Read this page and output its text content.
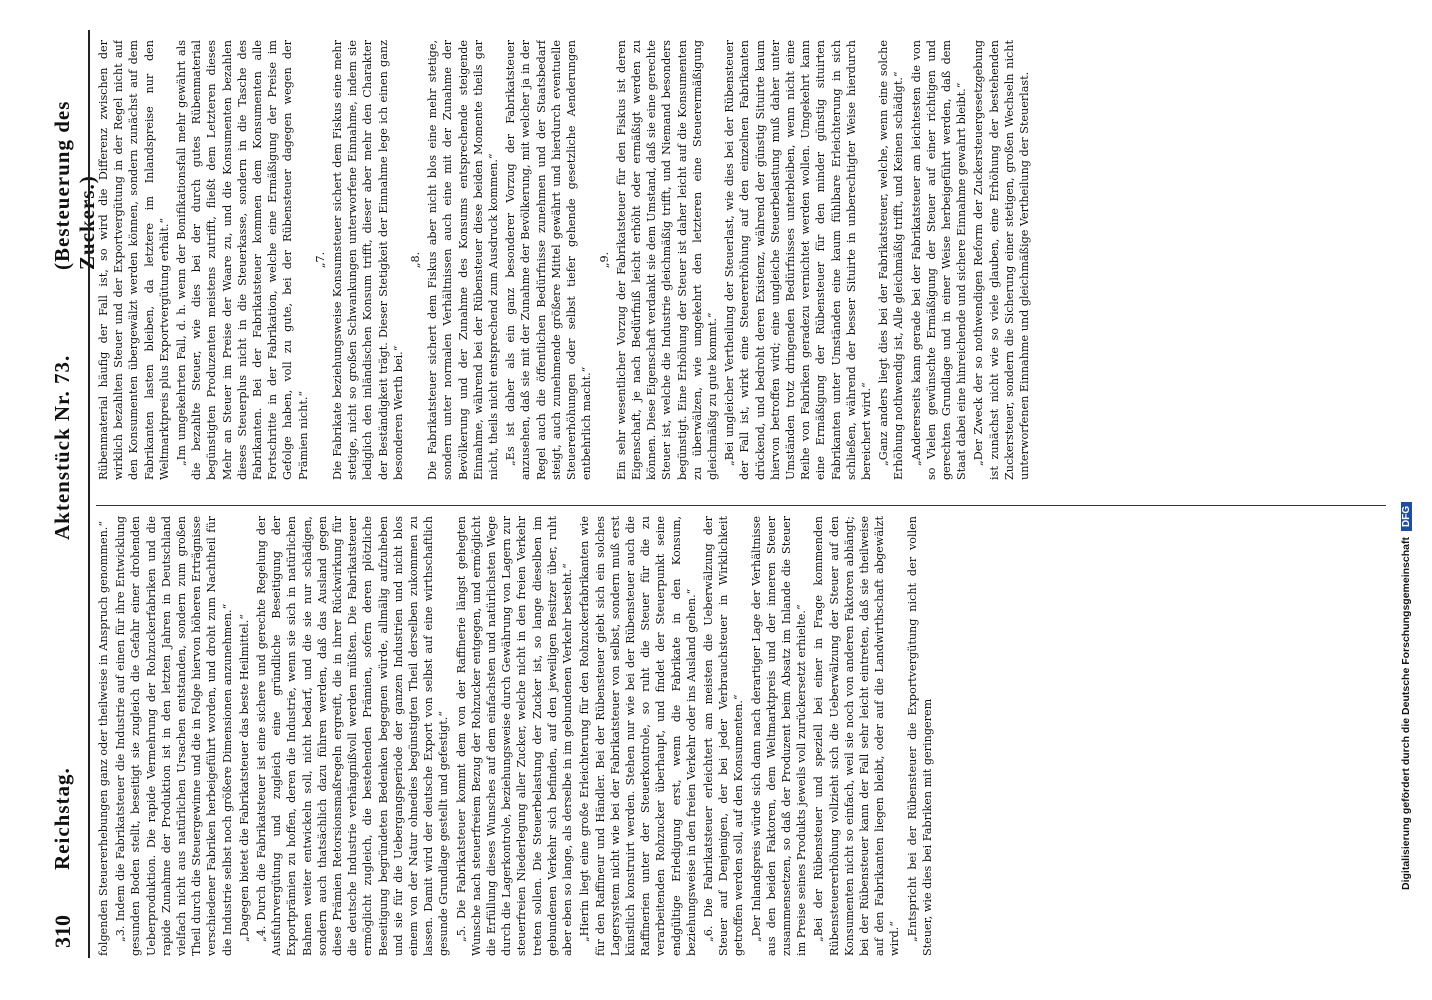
310
Reichstag.
Aktenstück Nr. 73.
(Besteuerung des Zuckers.)

folgenden Steuererhebungen ganz oder theilweise in Anspruch genommen.“ „3. Indem die Fabrikatsteuer die Industrie auf einen für ihre Entwicklung gesunden Boden stellt, beseitigt sie zugleich die Gefahr einer drohenden Ueberproduktion. Die rapide Vermehrung der Rohzuckerfabriken und die rapide Zunahme der Produktion ist in den letzten Jahren in Deutschland vielfach nicht aus natürlichen Ursachen entstanden, sondern zum großen Theil durch die Steuergewinne und die in Folge hiervon höheren Erträgnisse verschiedener Fabriken herbeigeführt worden, und droht zum Nachtheil für die Industrie selbst noch größere Dimensionen anzunehmen.“ „Dagegen bietet die Fabrikatsteuer das beste Heilmittel.“ „4. Durch die Fabrikatsteuer ist eine sichere und gerechte Regelung der Ausfuhrvergütung und zugleich eine gründliche Beseitigung der Exportprämien zu hoffen, deren die Industrie, wenn sie sich in natürlichen Bahnen weiter entwickeln soll, nicht bedarf, und die sie nur schädigen, sondern auch thatsächlich dazu führen werden, daß das Ausland gegen diese Prämien Retorsionsmaßregeln ergreift, die in ihrer Rückwirkung für die deutsche Industrie verhängnißvoll werden müßten. Die Fabrikatsteuer ermöglicht zugleich, die bestehenden Prämien, sofern deren plötzliche Beseitigung begründeten Bedenken begegnen würde, allmälig aufzuheben und sie für die Uebergangsperiode der ganzen Industrien und nicht blos einem von der Natur ohnedies begünstigten Theil derselben zukommen zu lassen. Damit wird der deutsche Export von selbst auf eine wirthschaftlich gesunde Grundlage gestellt und gefestigt.“ „5. Die Fabrikatsteuer kommt dem von der Raffinerie längst gehegten Wunsche nach steuerfreiem Bezug der Rohzucker entgegen, und ermöglicht die Erfüllung dieses Wunsches auf dem einfachsten und natürlichsten Wege durch die Lagerkontrole, beziehungsweise durch Gewährung von Lagern zur steuerfreien Niederlegung aller Zucker, welche nicht in den freien Verkehr treten sollen. Die Steuerbelastung der Zucker ist, so lange dieselben im gebundenen Verkehr sich befinden, auf den jeweiligen Besitzer über, ruht aber eben so lange, als derselbe in im gebundenen Verkehr besteht.“ „Hierin liegt eine große Erleichterung für den Rohzuckerfabrikanten wie für den Raffineur und Händler. Bei der Rübensteuer giebt sich ein solches Lagersystem nicht wie bei der Fabrikatsteuer von selbst, sondern muß erst künstlich konstruirt werden. Stehen nur wie bei der Rübensteuer auch die Raffinerien unter der Steuerkontrole, so ruht die Steuer für die zu verarbeitenden Rohzucker überhaupt, und findet der Steuerpunkt seine endgültige Erledigung erst, wenn die Fabrikate in den Konsum, beziehungsweise in den freien Verkehr oder ins Ausland gehen.“ „6. Die Fabrikatsteuer erleichtert am meisten die Ueberwälzung der Steuer auf Denjenigen, der bei jeder Verbrauchsteuer in Wirklichkeit getroffen werden soll, auf den Konsumenten.“ „Der Inlandspreis würde sich dann nach derartiger Lage der Verhältnisse aus den beiden Faktoren, dem Weltmarktpreis und der inneren Steuer zusammensetzen, so daß der Produzent beim Absatz im Inlande die Steuer im Preise seines Produkts jeweils voll zurückersetzt erhielte.“ „Bei der Rübensteuer und speziell bei einer in Frage kommenden Rübensteuererhöhung vollzieht sich die Ueberwälzung der Steuer auf den Konsumenten nicht so einfach, weil sie noch von anderen Faktoren abhängt; bei der Rübensteuer kann der Fall sehr leicht eintreten, daß sie theilweise auf den Fabrikanten liegen bleibt, oder auf die Landwirthschaft abgewälzt wird.“ „Entspricht bei der Rübensteuer die Exportvergütung nicht der vollen Steuer, wie dies bei Fabriken mit geringerem

Rübenmaterial häufig der Fall ist, so wird die Differenz zwischen der wirklich bezahlten Steuer und der Exportvergütung in der Regel nicht auf den Konsumenten übergewälzt werden können, sondern zunächst auf dem Fabrikanten lasten bleiben, da letztere im Inlandspreise nur den Weltmarktpreis plus Exportvergütung erhält.“ „Im umgekehrten Fall, d. h. wenn der Bonifikationsfall mehr gewährt als die bezahlte Steuer, wie dies bei der durch gutes Rübenmaterial begünstigten Produzenten meistens zutrifft, fließt dem Letzteren dieses Mehr an Steuer im Preise der Waare zu, und die Konsumenten bezahlen dieses Steuerplus nicht in die Steuerkasse, sondern in die Tasche des Fabrikanten. Bei der Fabrikatsteuer kommen dem Konsumenten alle Fortschritte in der Fabrikation, welche eine Ermäßigung der Preise im Gefolge haben, voll zu gute, bei der Rübensteuer dagegen wegen der Prämien nicht.“

„7. Die Fabrikate beziehungsweise Konsumsteuer sichert dem Fiskus eine mehr stetige, nicht so großen Schwankungen unterworfene Einnahme, indem sie lediglich den inländischen Konsum trifft, dieser aber mehr den Charakter der Beständigkeit trägt. Dieser Stetigkeit der Einnahme lege ich einen ganz besonderen Werth bei.“

„8. Die Fabrikatsteuer sichert dem Fiskus aber nicht blos eine mehr stetige, sondern unter normalen Verhältnissen auch eine mit der Zunahme der Bevölkerung und der Zunahme des Konsums entsprechende steigende Einnahme, während bei der Rübensteuer diese beiden Momente theils gar nicht, theils nicht entsprechend zum Ausdruck kommen.“ „Es ist daher als ein ganz besonderer Vorzug der Fabrikatsteuer anzusehen, daß sie mit der Zunahme der Bevölkerung, mit welcher ja in der Regel auch die öffentlichen Bedürfnisse zunehmen und der Staatsbedarf steigt, auch zunehmende größere Mittel gewährt und hierdurch eventuelle Steuererhöhungen oder selbst tiefer gehende gesetzliche Aenderungen entbehrlich macht.“

„9. Ein sehr wesentlicher Vorzug der Fabrikatsteuer für den Fiskus ist deren Eigenschaft, je nach Bedürfniß leicht erhöht oder ermäßigt werden zu können. Diese Eigenschaft verdankt sie dem Umstand, daß sie eine gerechte Steuer ist, welche die Industrie gleichmäßig trifft, und Niemand besonders begünstigt. Eine Erhöhung der Steuer ist daher leicht auf die Konsumenten zu überwälzen, wie umgekehrt den letzteren eine Steuerermäßigung gleichmäßig zu gute kommt.“ „Bei ungleicher Vertheilung der Steuerlast, wie dies bei der Rübensteuer der Fall ist, wirkt eine Steuererhöhung auf den einzelnen Fabrikanten drückend, und bedroht deren Existenz, während der günstig Situirte kaum hiervon betroffen wird; eine ungleiche Steuerbelastung muß daher unter Umständen trotz dringenden Bedürfnisses unterbleiben, wenn nicht eine Reihe von Fabriken geradezu vernichtet werden wollen. Umgekehrt kann eine Ermäßigung der Rübensteuer für den minder günstig situirten Fabrikanten unter Umständen eine kaum fühlbare Erleichterung in sich schließen, während der besser Situirte in unberechtigter Weise hierdurch bereichert wird.“ „Ganz anders liegt dies bei der Fabrikatsteuer, welche, wenn eine solche Erhöhung nothwendig ist, Alle gleichmäßig trifft, und Keinen schädigt.“ „Andererseits kann gerade bei der Fabrikatsteuer am leichtesten die von so Vielen gewünschte Ermäßigung der Steuer auf einer richtigen und gerechten Grundlage und in einer Weise herbeigeführt werden, daß dem Staat dabei eine hinreichende und sichere Einnahme gewahrt bleibt.“ „Der Zweck der so nothwendigen Reform der Zuckersteuergesetzgebung ist zunächst nicht wie so viele glauben, eine Erhöhung der bestehenden Zuckersteuer, sondern die Sicherung einer stetigen, großen Wechseln nicht unterworfenen Einnahme und gleichmäßige Vertheilung der Steuerlast.

Digitalisierung gefördert durch die Deutsche ForschungsgemeinschaftDFG
